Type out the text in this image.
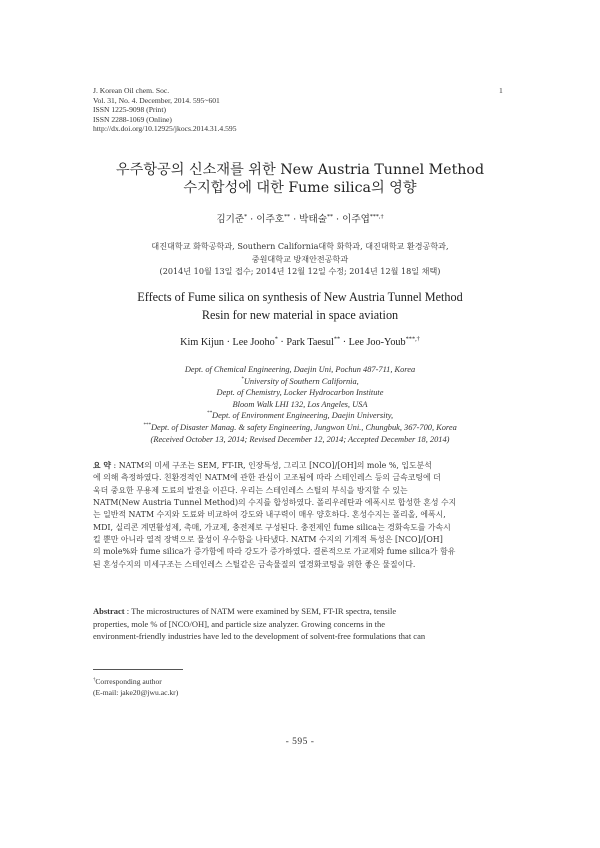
J. Korean Oil chem. Soc.
Vol. 31, No. 4. December, 2014. 595~601
ISSN 1225-9098 (Print)
ISSN 2288-1069 (Online)
http://dx.doi.org/10.12925/jkocs.2014.31.4.595
1
우주항공의 신소재를 위한 New Austria Tunnel Method
수지합성에 대한 Fume silica의 영향
김기준* · 이주호** · 박태술** · 이주엽***,†
대진대학교 화학공학과, Southern California대학 화학과, 대진대학교 환경공학과,
중원대학교 방재안전공학과
(2014년 10월 13일 접수; 2014년 12월 12일 수정; 2014년 12월 18일 채택)
Effects of Fume silica on synthesis of New Austria Tunnel Method
Resin for new material in space aviation
Kim Kijun · Lee Jooho* · Park Taesul** · Lee Joo-Youb***,†
Dept. of Chemical Engineering, Daejin Uni, Pochun 487-711, Korea
*University of Southern California,
Dept. of Chemistry, Locker Hydrocarbon Institute
Bloom Walk LHI 132, Los Angeles, USA
**Dept. of Environment Engineering, Daejin University,
***Dept. of Disaster Manag. & safety Engineering, Jungwon Uni., Chungbuk, 367-700, Korea
(Received October 13, 2014; Revised December 12, 2014; Accepted December 18, 2014)
요 약 : NATM의 미세 구조는 SEM, FT-IR, 인장특성, 그리고 [NCO]/[OH]의 mole %, 입도분석
에 의해 측정하였다. 친환경적인 NATM에 관한 관심이 고조됨에 따라 스테인레스 등의 금속코팅에 더
욱더 중요한 무용제 도료의 발전을 이끈다. 우리는 스테인레스 스틸의 부식을 방지할 수 있는
NATM(New Austria Tunnel Method)의 수지를 합성하였다. 폴리우레탄과 에폭시로 합성한 혼성 수지
는 일반적 NATM 수지와 도료와 비교하여 강도와 내구력이 매우 양호하다. 혼성수지는 폴리올, 에폭시,
MDI, 실리콘 계면활성제, 촉매, 가교제, 충전제로 구성된다. 충전제인 fume silica는 경화속도를 가속시
킬 뿐만 아니라 열적 장벽으로 물성이 우수함을 나타냈다. NATM 수지의 기계적 특성은 [NCO]/[OH]
의 mole%와 fume silica가 증가함에 따라 강도가 증가하였다. 결론적으로 가교제와 fume silica가 함유
된 혼성수지의 미세구조는 스테인레스 스틸같은 금속물질의 열경화코팅을 위한 좋은 물질이다.
Abstract : The microstructures of NATM were examined by SEM, FT-IR spectra, tensile
properties, mole % of [NCO/OH], and particle size analyzer. Growing concerns in the
environment-friendly industries have led to the development of solvent-free formulations that can
†Corresponding author
(E-mail: jake20@jwu.ac.kr)
- 595 -
